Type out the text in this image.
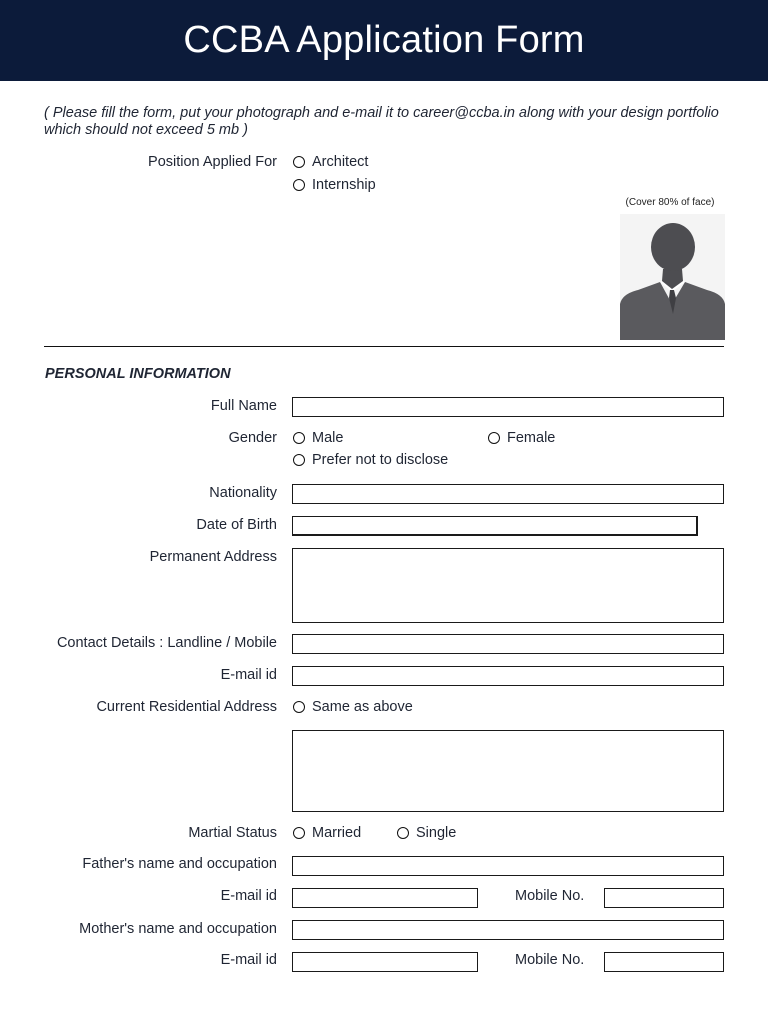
CCBA Application Form
( Please fill the form, put your photograph and e-mail it to career@ccba.in along with your design portfolio which should not exceed 5 mb )
Position Applied For Architect
Internship
(Cover 80% of face)
PERSONAL INFORMATION
Full Name
Gender Male	Female
Prefer not to disclose
Nationality
Date of Birth
Permanent Address
Contact Details : Landline / Mobile
E-mail id
Current Residential Address Same as above
Martial Status Married	Single
Father's name and occupation
E-mail id	Mobile No.
Mother's name and occupation
E-mail id	Mobile No.
